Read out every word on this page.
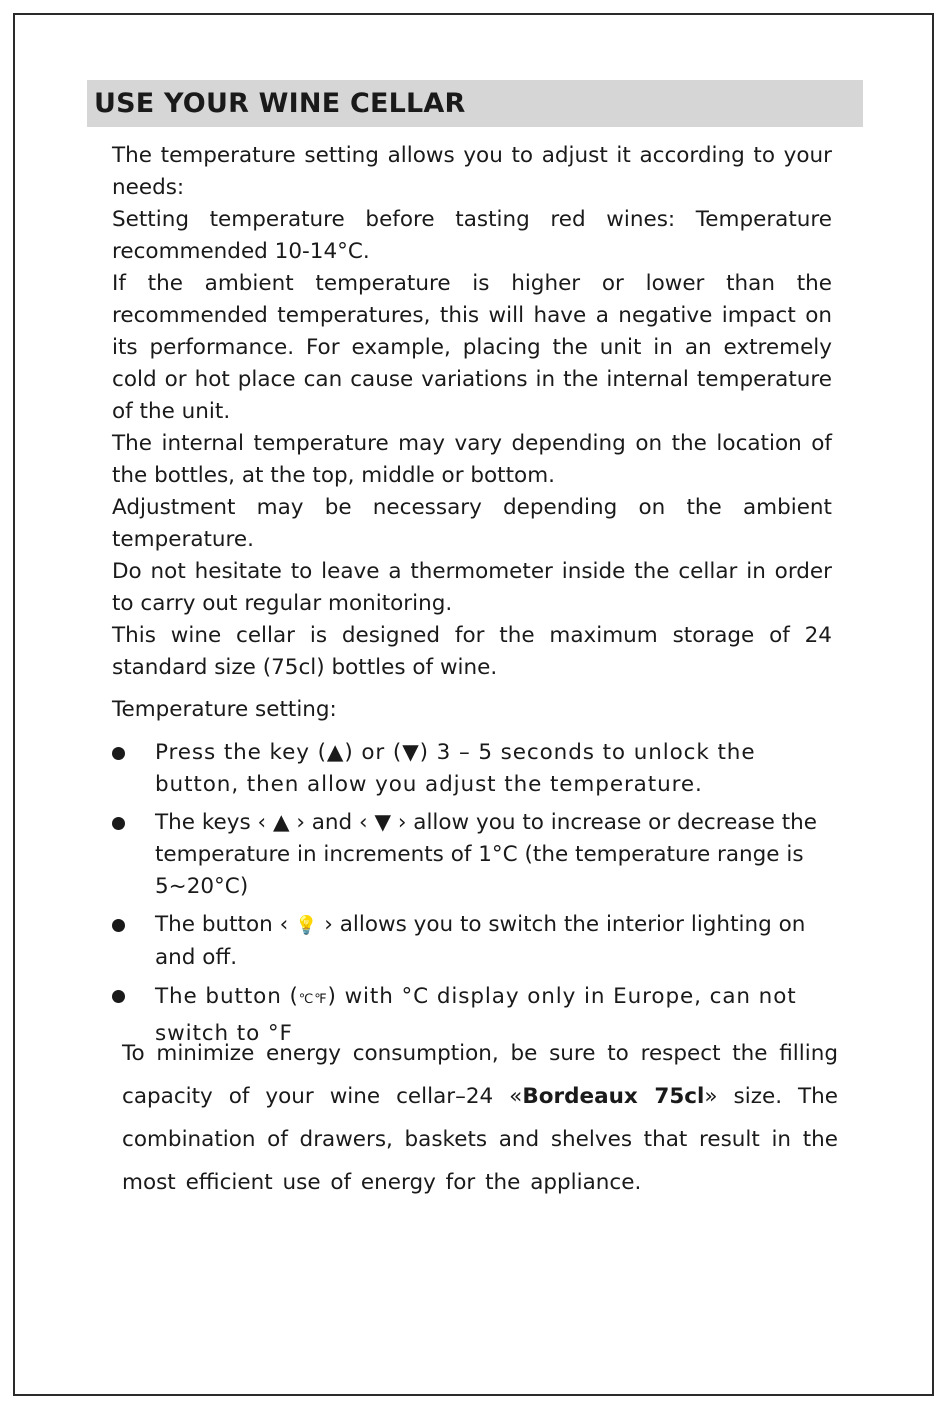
USE YOUR WINE CELLAR

The temperature setting allows you to adjust it according to your needs:

Setting temperature before tasting red wines: Temperature recommended 10-14°C.

If the ambient temperature is higher or lower than the recommended temperatures, this will have a negative impact on its performance. For example, placing the unit in an extremely cold or hot place can cause variations in the internal temperature of the unit.

The internal temperature may vary depending on the location of the bottles, at the top, middle or bottom.

Adjustment may be necessary depending on the ambient temperature.

Do not hesitate to leave a thermometer inside the cellar in order to carry out regular monitoring.

This wine cellar is designed for the maximum storage of 24 standard size (75cl) bottles of wine.

Temperature setting:

Press the key (▲) or (▼) 3 – 5 seconds to unlock the button, then allow you adjust the temperature.
The keys ‹ ▲ › and ‹ ▼ › allow you to increase or decrease the temperature in increments of 1°C (the temperature range is 5~20°C)
The button ‹ 💡 › allows you to switch the interior lighting on and off.
The button (℃℉) with °C display only in Europe, can not switch to °F

To minimize energy consumption, be sure to respect the filling capacity of your wine cellar–24 «Bordeaux 75cl» size. The combination of drawers, baskets and shelves that result in the most efficient use of energy for the appliance.
